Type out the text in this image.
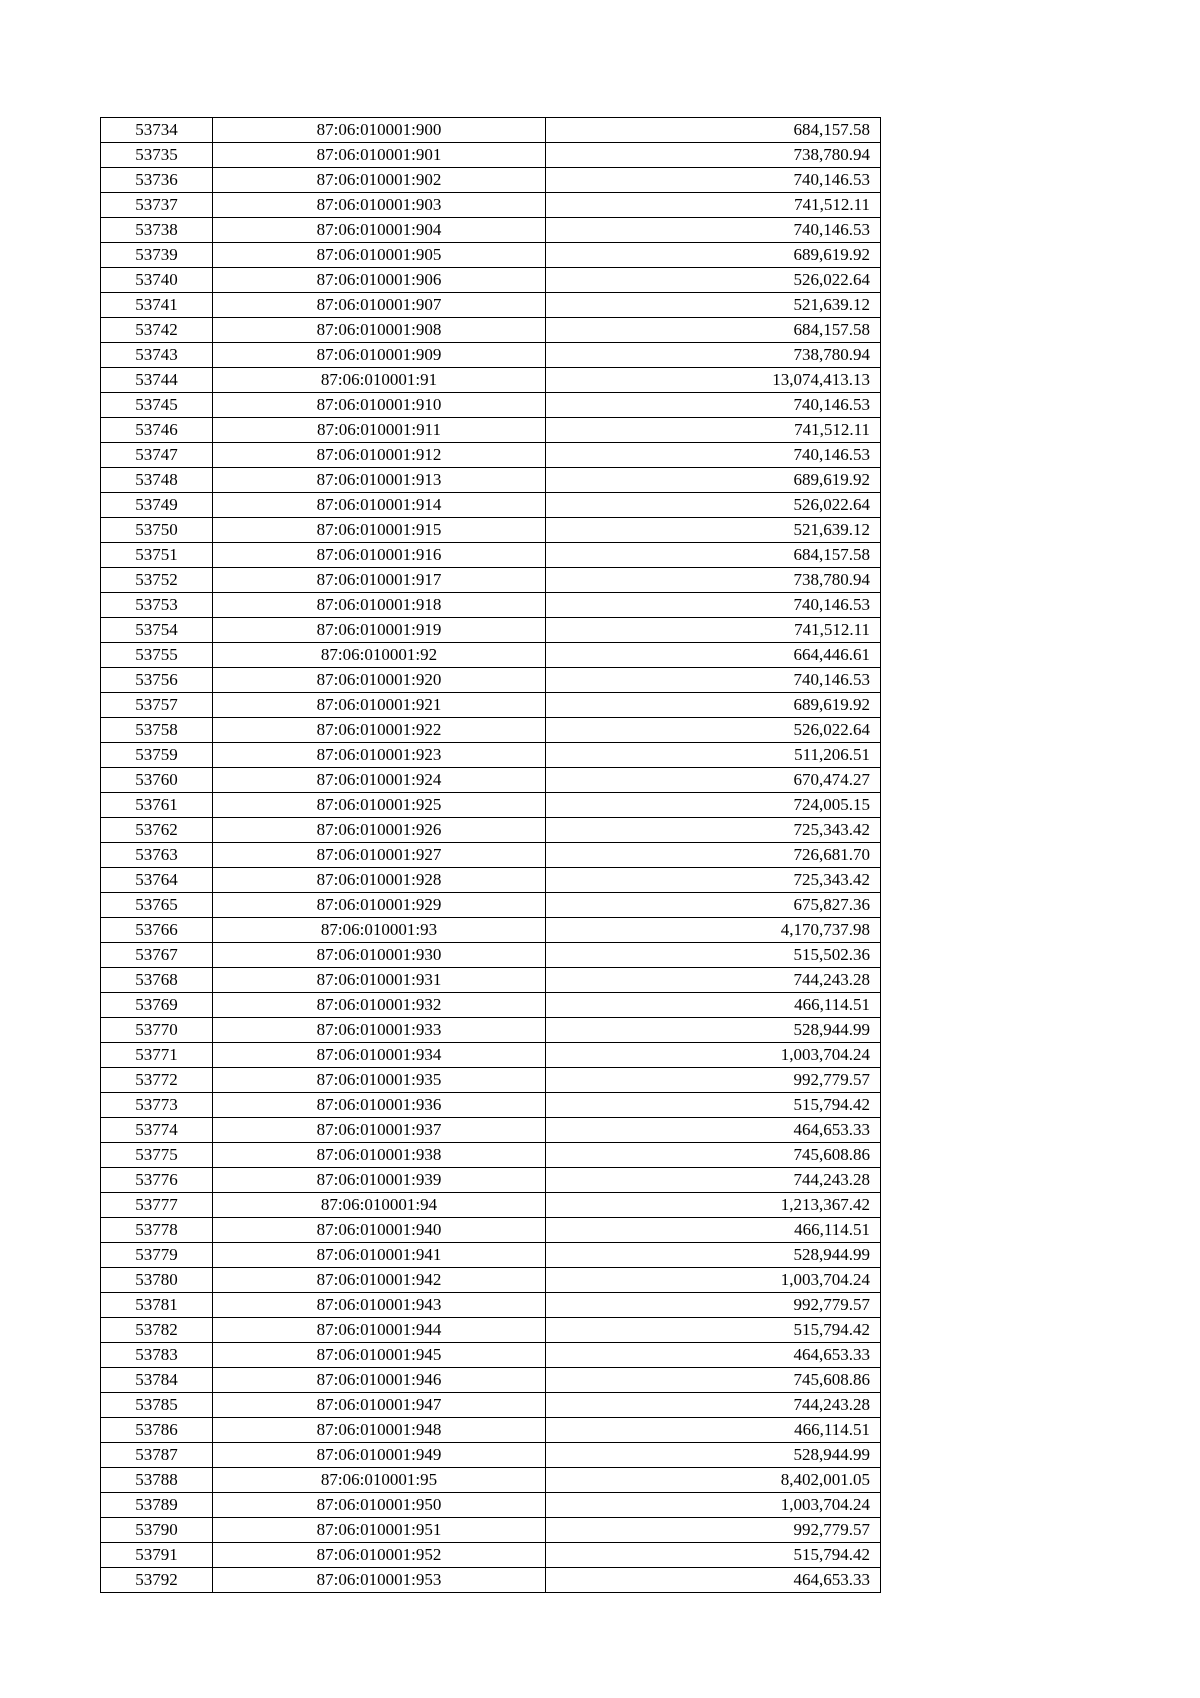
53734	87:06:010001:900	684,157.58
53735	87:06:010001:901	738,780.94
53736	87:06:010001:902	740,146.53
53737	87:06:010001:903	741,512.11
53738	87:06:010001:904	740,146.53
53739	87:06:010001:905	689,619.92
53740	87:06:010001:906	526,022.64
53741	87:06:010001:907	521,639.12
53742	87:06:010001:908	684,157.58
53743	87:06:010001:909	738,780.94
53744	87:06:010001:91	13,074,413.13
53745	87:06:010001:910	740,146.53
53746	87:06:010001:911	741,512.11
53747	87:06:010001:912	740,146.53
53748	87:06:010001:913	689,619.92
53749	87:06:010001:914	526,022.64
53750	87:06:010001:915	521,639.12
53751	87:06:010001:916	684,157.58
53752	87:06:010001:917	738,780.94
53753	87:06:010001:918	740,146.53
53754	87:06:010001:919	741,512.11
53755	87:06:010001:92	664,446.61
53756	87:06:010001:920	740,146.53
53757	87:06:010001:921	689,619.92
53758	87:06:010001:922	526,022.64
53759	87:06:010001:923	511,206.51
53760	87:06:010001:924	670,474.27
53761	87:06:010001:925	724,005.15
53762	87:06:010001:926	725,343.42
53763	87:06:010001:927	726,681.70
53764	87:06:010001:928	725,343.42
53765	87:06:010001:929	675,827.36
53766	87:06:010001:93	4,170,737.98
53767	87:06:010001:930	515,502.36
53768	87:06:010001:931	744,243.28
53769	87:06:010001:932	466,114.51
53770	87:06:010001:933	528,944.99
53771	87:06:010001:934	1,003,704.24
53772	87:06:010001:935	992,779.57
53773	87:06:010001:936	515,794.42
53774	87:06:010001:937	464,653.33
53775	87:06:010001:938	745,608.86
53776	87:06:010001:939	744,243.28
53777	87:06:010001:94	1,213,367.42
53778	87:06:010001:940	466,114.51
53779	87:06:010001:941	528,944.99
53780	87:06:010001:942	1,003,704.24
53781	87:06:010001:943	992,779.57
53782	87:06:010001:944	515,794.42
53783	87:06:010001:945	464,653.33
53784	87:06:010001:946	745,608.86
53785	87:06:010001:947	744,243.28
53786	87:06:010001:948	466,114.51
53787	87:06:010001:949	528,944.99
53788	87:06:010001:95	8,402,001.05
53789	87:06:010001:950	1,003,704.24
53790	87:06:010001:951	992,779.57
53791	87:06:010001:952	515,794.42
53792	87:06:010001:953	464,653.33
